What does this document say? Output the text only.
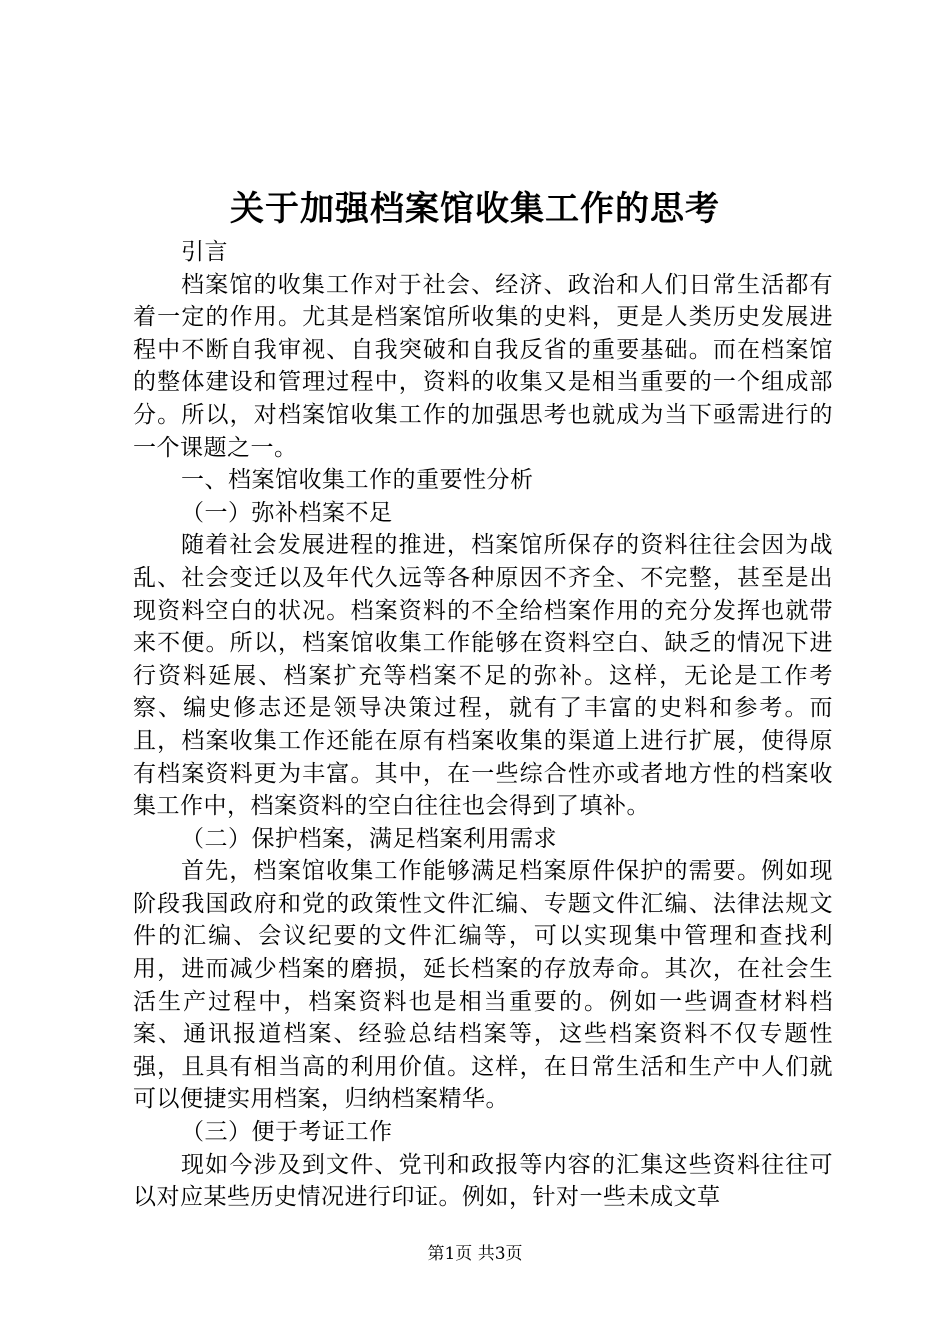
关于加强档案馆收集工作的思考

引言

档案馆的收集工作对于社会、经济、政治和人们日常生活都有着一定的作用。尤其是档案馆所收集的史料，更是人类历史发展进程中不断自我审视、自我突破和自我反省的重要基础。而在档案馆的整体建设和管理过程中，资料的收集又是相当重要的一个组成部分。所以，对档案馆收集工作的加强思考也就成为当下亟需进行的一个课题之一。

一、档案馆收集工作的重要性分析

（一）弥补档案不足

随着社会发展进程的推进，档案馆所保存的资料往往会因为战乱、社会变迁以及年代久远等各种原因不齐全、不完整，甚至是出现资料空白的状况。档案资料的不全给档案作用的充分发挥也就带来不便。所以，档案馆收集工作能够在资料空白、缺乏的情况下进行资料延展、档案扩充等档案不足的弥补。这样，无论是工作考察、编史修志还是领导决策过程，就有了丰富的史料和参考。而且，档案收集工作还能在原有档案收集的渠道上进行扩展，使得原有档案资料更为丰富。其中，在一些综合性亦或者地方性的档案收集工作中，档案资料的空白往往也会得到了填补。

（二）保护档案，满足档案利用需求

首先，档案馆收集工作能够满足档案原件保护的需要。例如现阶段我国政府和党的政策性文件汇编、专题文件汇编、法律法规文件的汇编、会议纪要的文件汇编等，可以实现集中管理和查找利用，进而减少档案的磨损，延长档案的存放寿命。其次，在社会生活生产过程中，档案资料也是相当重要的。例如一些调查材料档案、通讯报道档案、经验总结档案等，这些档案资料不仅专题性强，且具有相当高的利用价值。这样，在日常生活和生产中人们就可以便捷实用档案，归纳档案精华。

（三）便于考证工作

现如今涉及到文件、党刊和政报等内容的汇集这些资料往往可以对应某些历史情况进行印证。例如，针对一些未成文草

第1页 共3页
